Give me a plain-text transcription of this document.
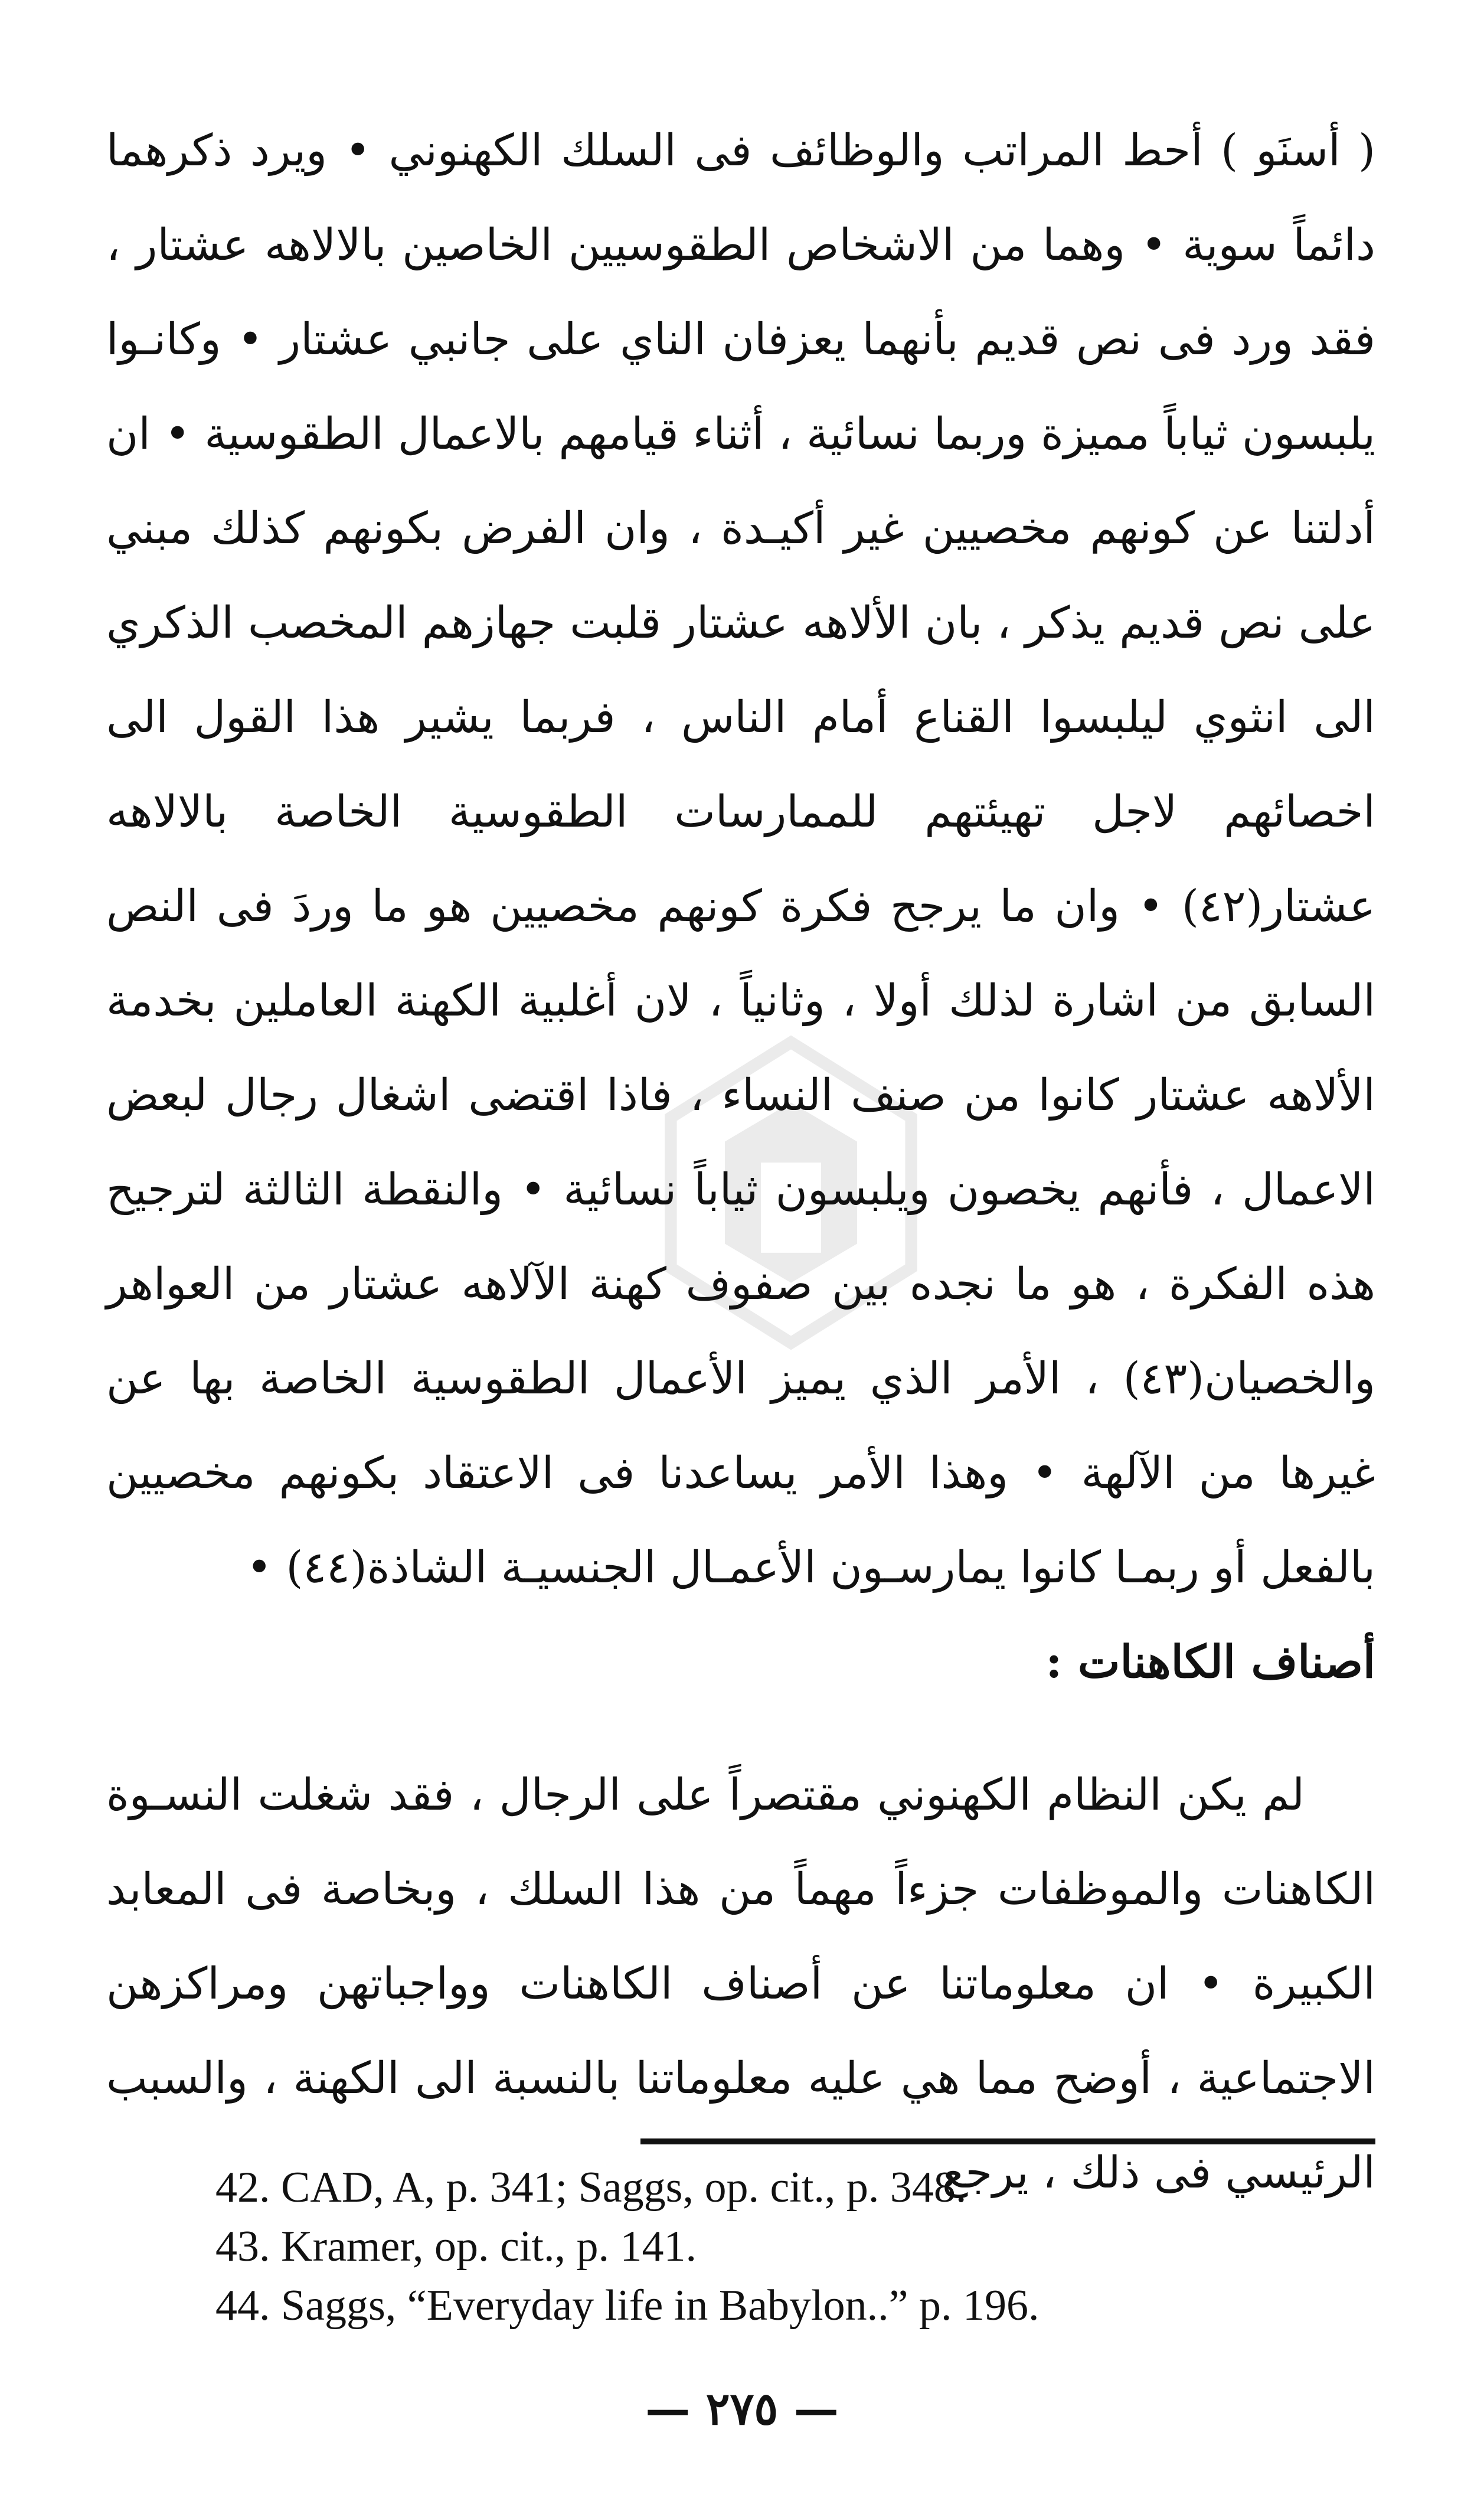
( أسنَو ) أحط المراتب والوظائف فى السلك الكهنوني • ويرد ذكرهما دائماً سوية • وهما من الاشخاص الطقوسيين الخاصين بالالاهه عشتار ، فقد ورد فى نص قديم بأنهما يعزفان الناي على جانبي عشتار • وكانـوا يلبسون ثياباً مميزة وربما نسائية ، أثناء قيامهم بالاعمال الطقوسية • ان أدلتنا عن كونهم مخصيين غير أكيـدة ، وان الفرض بكونهم كذلك مبني على نص قديم يذكر ، بان الألاهه عشتار قلبت جهازهم المخصب الذكري الى انثوي ليلبسوا القناع أمام الناس ، فربما يشير هذا القول الى اخصائهم لاجل تهيئتهم للممارسات الطقوسية الخاصة بالالاهه عشتار(٤٢) • وان ما يرجح فكرة كونهم مخصيين هو ما وردَ فى النص السابق من اشارة لذلك أولا ، وثانياً ، لان أغلبية الكهنة العاملين بخدمة الألاهه عشتار كانوا من صنف النساء ، فاذا اقتضى اشغال رجال لبعض الاعمال ، فأنهم يخصون ويلبسون ثياباً نسائية • والنقطة الثالثة لترجيح هذه الفكرة ، هو ما نجده بين صفوف كهنة الآلاهه عشتار من العواهر والخصيان(٤٣) ، الأمر الذي يميز الأعمال الطقوسية الخاصة بها عن غيرها من الآلهة • وهذا الأمر يساعدنا فى الاعتقاد بكونهم مخصيين بالفعل أو ربمـا كانوا يمارسـون الأعمـال الجنسيـة الشاذة(٤٤) •

أصناف الكاهنات :

لم يكن النظام الكهنوني مقتصراً على الرجال ، فقد شغلت النسـوة الكاهنات والموظفات جزءاً مهماً من هذا السلك ، وبخاصة فى المعابد الكبيرة • ان معلوماتنا عن أصناف الكاهنات وواجباتهن ومراكزهن الاجتماعية ، أوضح مما هي عليه معلوماتنا بالنسبة الى الكهنة ، والسبب الرئيسي فى ذلك ، يرجع

42. CAD, A, p. 341; Saggs, op. cit., p. 348.

43. Kramer, op. cit., p. 141.

44. Saggs, “Everyday life in Babylon..” p. 196.

— ٢٧٥ —
